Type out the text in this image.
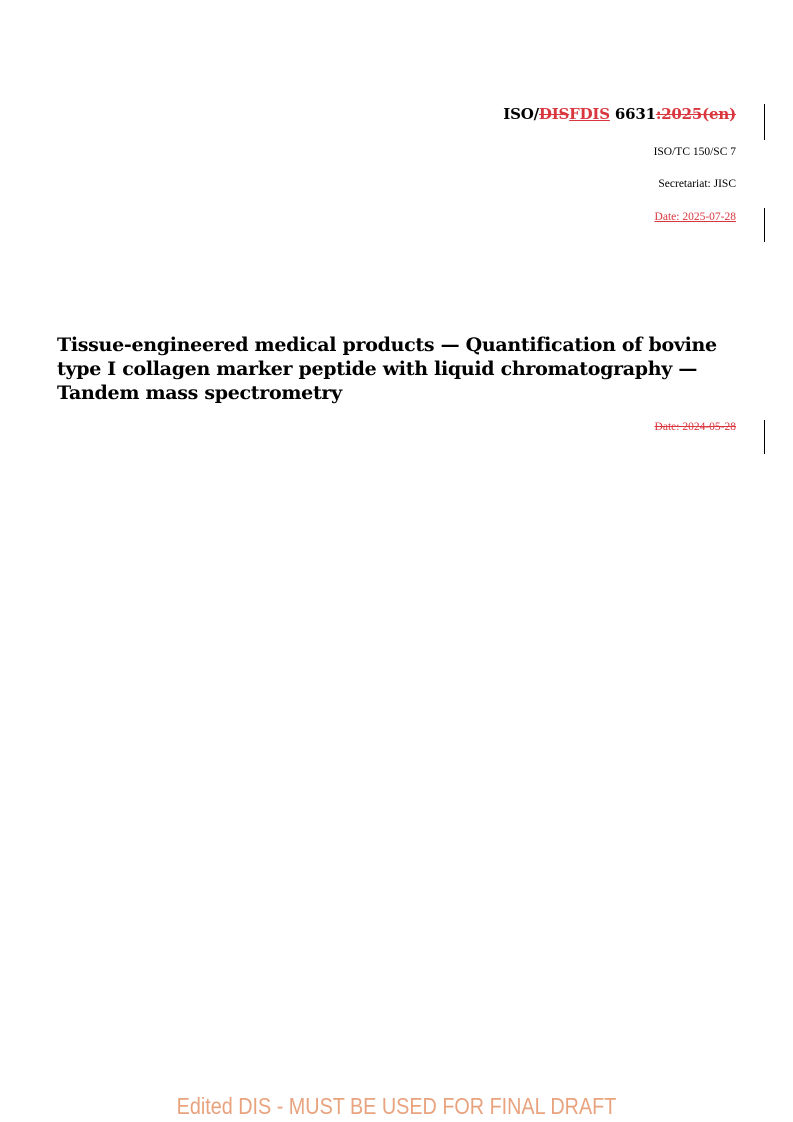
ISO/DISFDIS 6631:2025(en)
ISO/TC 150/SC 7
Secretariat: JISC
Date: 2025-07-28
Tissue-engineered medical products — Quantification of bovine type I collagen marker peptide with liquid chromatography — Tandem mass spectrometry
Date: 2024-05-28
Edited DIS - MUST BE USED FOR FINAL DRAFT
